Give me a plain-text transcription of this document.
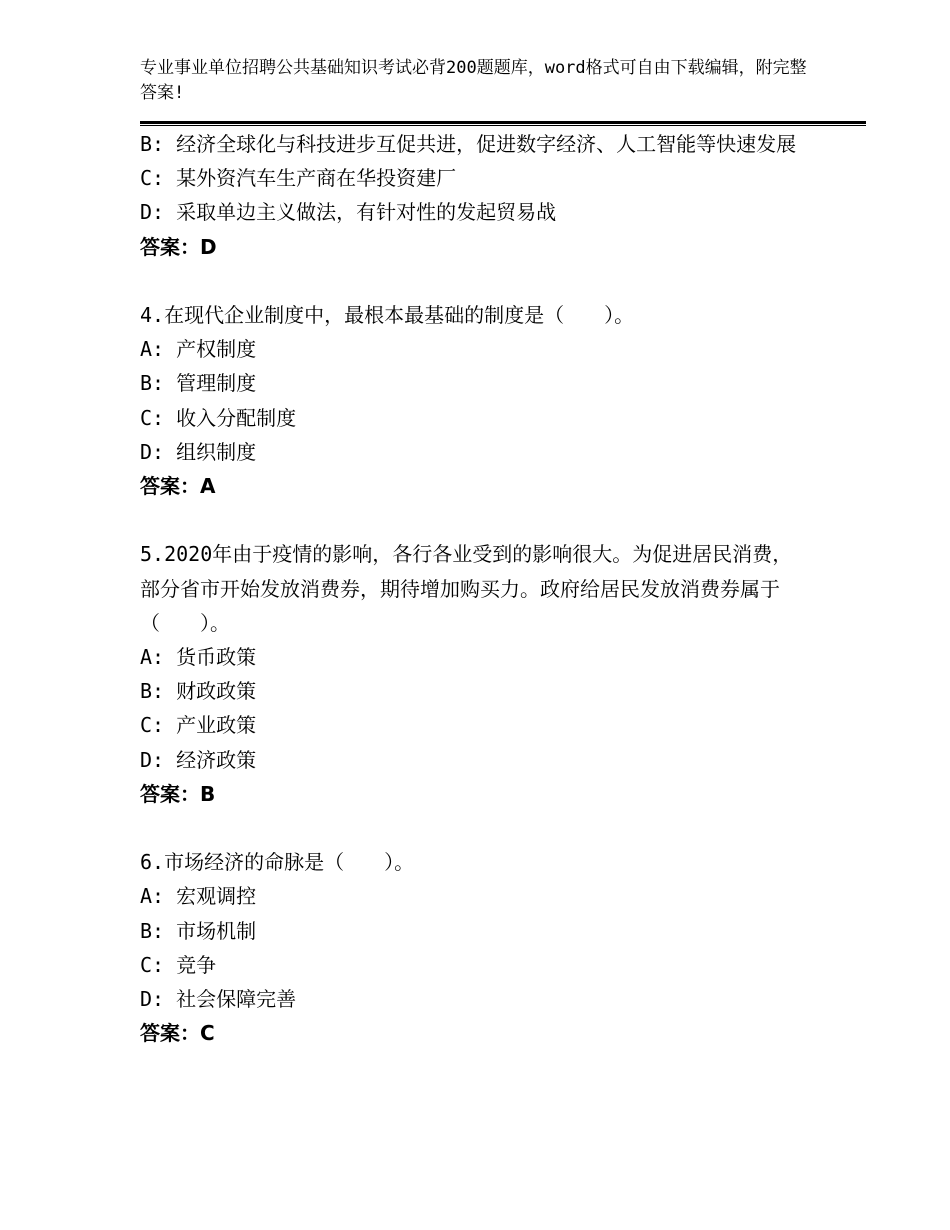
专业事业单位招聘公共基础知识考试必背200题题库，word格式可自由下载编辑，附完整答案!
B: 经济全球化与科技进步互促共进，促进数字经济、人工智能等快速发展
C: 某外资汽车生产商在华投资建厂
D: 采取单边主义做法，有针对性的发起贸易战
答案：D
4.在现代企业制度中，最根本最基础的制度是（　　）。
A: 产权制度
B: 管理制度
C: 收入分配制度
D: 组织制度
答案：A
5.2020年由于疫情的影响，各行各业受到的影响很大。为促进居民消费，部分省市开始发放消费券，期待增加购买力。政府给居民发放消费券属于（　　）。
A: 货币政策
B: 财政政策
C: 产业政策
D: 经济政策
答案：B
6.市场经济的命脉是（　　）。
A: 宏观调控
B: 市场机制
C: 竞争
D: 社会保障完善
答案：C
